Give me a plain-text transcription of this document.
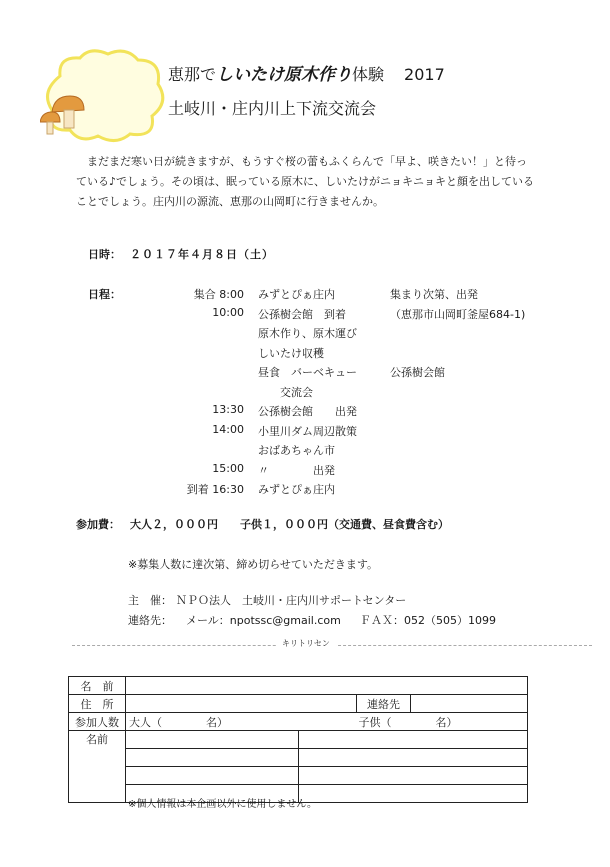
恵那でしいたけ原木作り体験 2017
土岐川・庄内川上下流交流会

まだまだ寒い日が続きますが、もうすぐ桜の蕾もふくらんで「早よ、咲きたい！」と待っている♪でしょう。その頃は、眠っている原木に、しいたけがニョキニョキと顔を出していることでしょう。庄内川の源流、恵那の山岡町に行きませんか。

日時： ２０１７年４月８日（土）
日程：	集合 8:00	みずとぴぁ庄内	集まり次第、出発
10:00	公孫樹会館　到着	（恵那市山岡町釜屋684-1)
	原木作り、原木運び	
	しいたけ収穫	
	昼食　バーベキュー	公孫樹会館
	　　交流会	
13:30	公孫樹会館　　出発	
14:00	小里川ダム周辺散策	
	おばあちゃん市	
15:00	〃　　　　出発	
到着 16:30	みずとぴぁ庄内	
参加費： 大人２，０００円　　子供１，０００円（交通費、昼食費含む）
※募集人数に達次第、締め切らせていただきます。
主　催： ＮＰＯ法人　土岐川・庄内川サポートセンター
連絡先： メール：npotssc@gmail.com ＦＡＸ：052（505）1099
キリトリセン
名　前				
住　所			連絡先	
参加人数	大人（　　　　名）	子供（　　　　名）		
名前				

※個人情報は本企画以外に使用しません。
